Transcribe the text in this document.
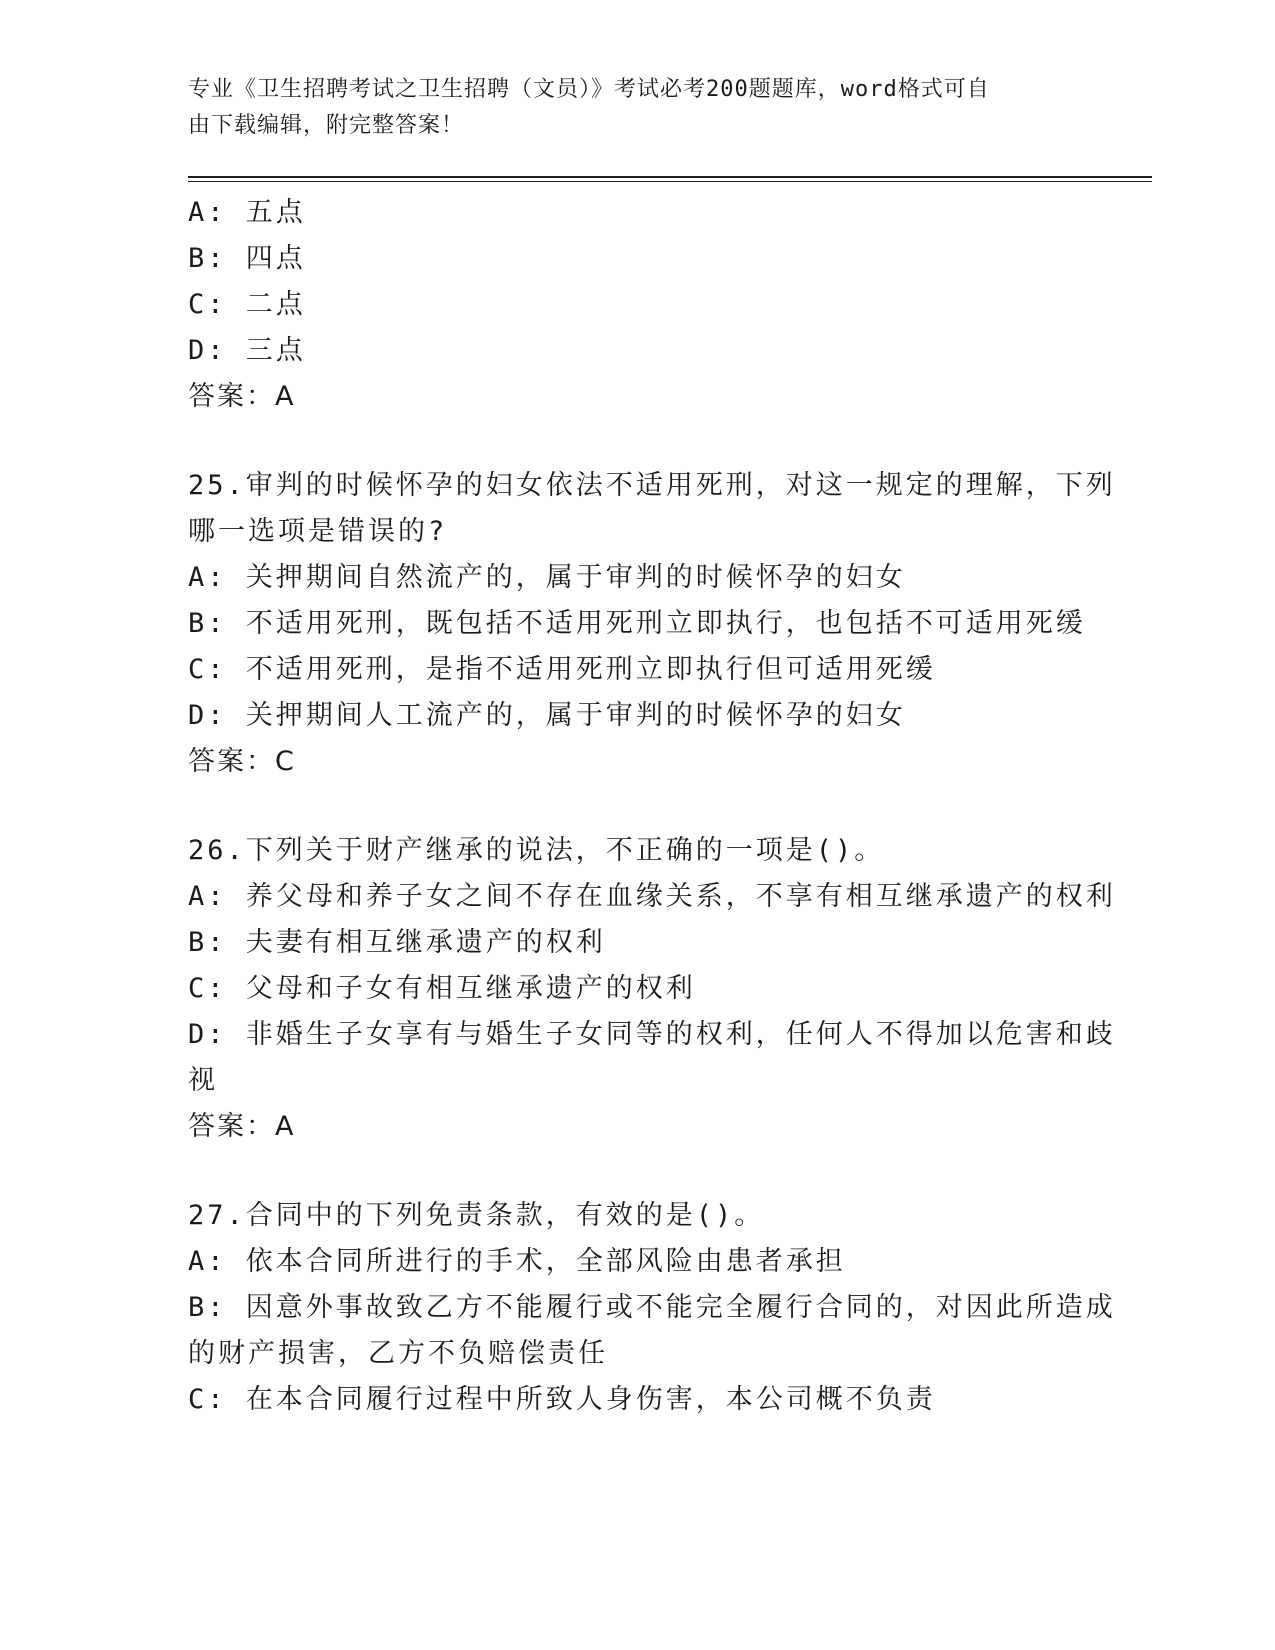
专业《卫生招聘考试之卫生招聘（文员）》考试必考200题题库，word格式可自
由下载编辑，附完整答案！
A: 五点
B: 四点
C: 二点
D: 三点
答案：A
25.审判的时候怀孕的妇女依法不适用死刑，对这一规定的理解，下列
哪一选项是错误的?
A: 关押期间自然流产的，属于审判的时候怀孕的妇女
B: 不适用死刑，既包括不适用死刑立即执行，也包括不可适用死缓
C: 不适用死刑，是指不适用死刑立即执行但可适用死缓
D: 关押期间人工流产的，属于审判的时候怀孕的妇女
答案：C
26.下列关于财产继承的说法，不正确的一项是()。
A: 养父母和养子女之间不存在血缘关系，不享有相互继承遗产的权利
B: 夫妻有相互继承遗产的权利
C: 父母和子女有相互继承遗产的权利
D: 非婚生子女享有与婚生子女同等的权利，任何人不得加以危害和歧
视
答案：A
27.合同中的下列免责条款，有效的是()。
A: 依本合同所进行的手术，全部风险由患者承担
B: 因意外事故致乙方不能履行或不能完全履行合同的，对因此所造成
的财产损害，乙方不负赔偿责任
C: 在本合同履行过程中所致人身伤害，本公司概不负责
